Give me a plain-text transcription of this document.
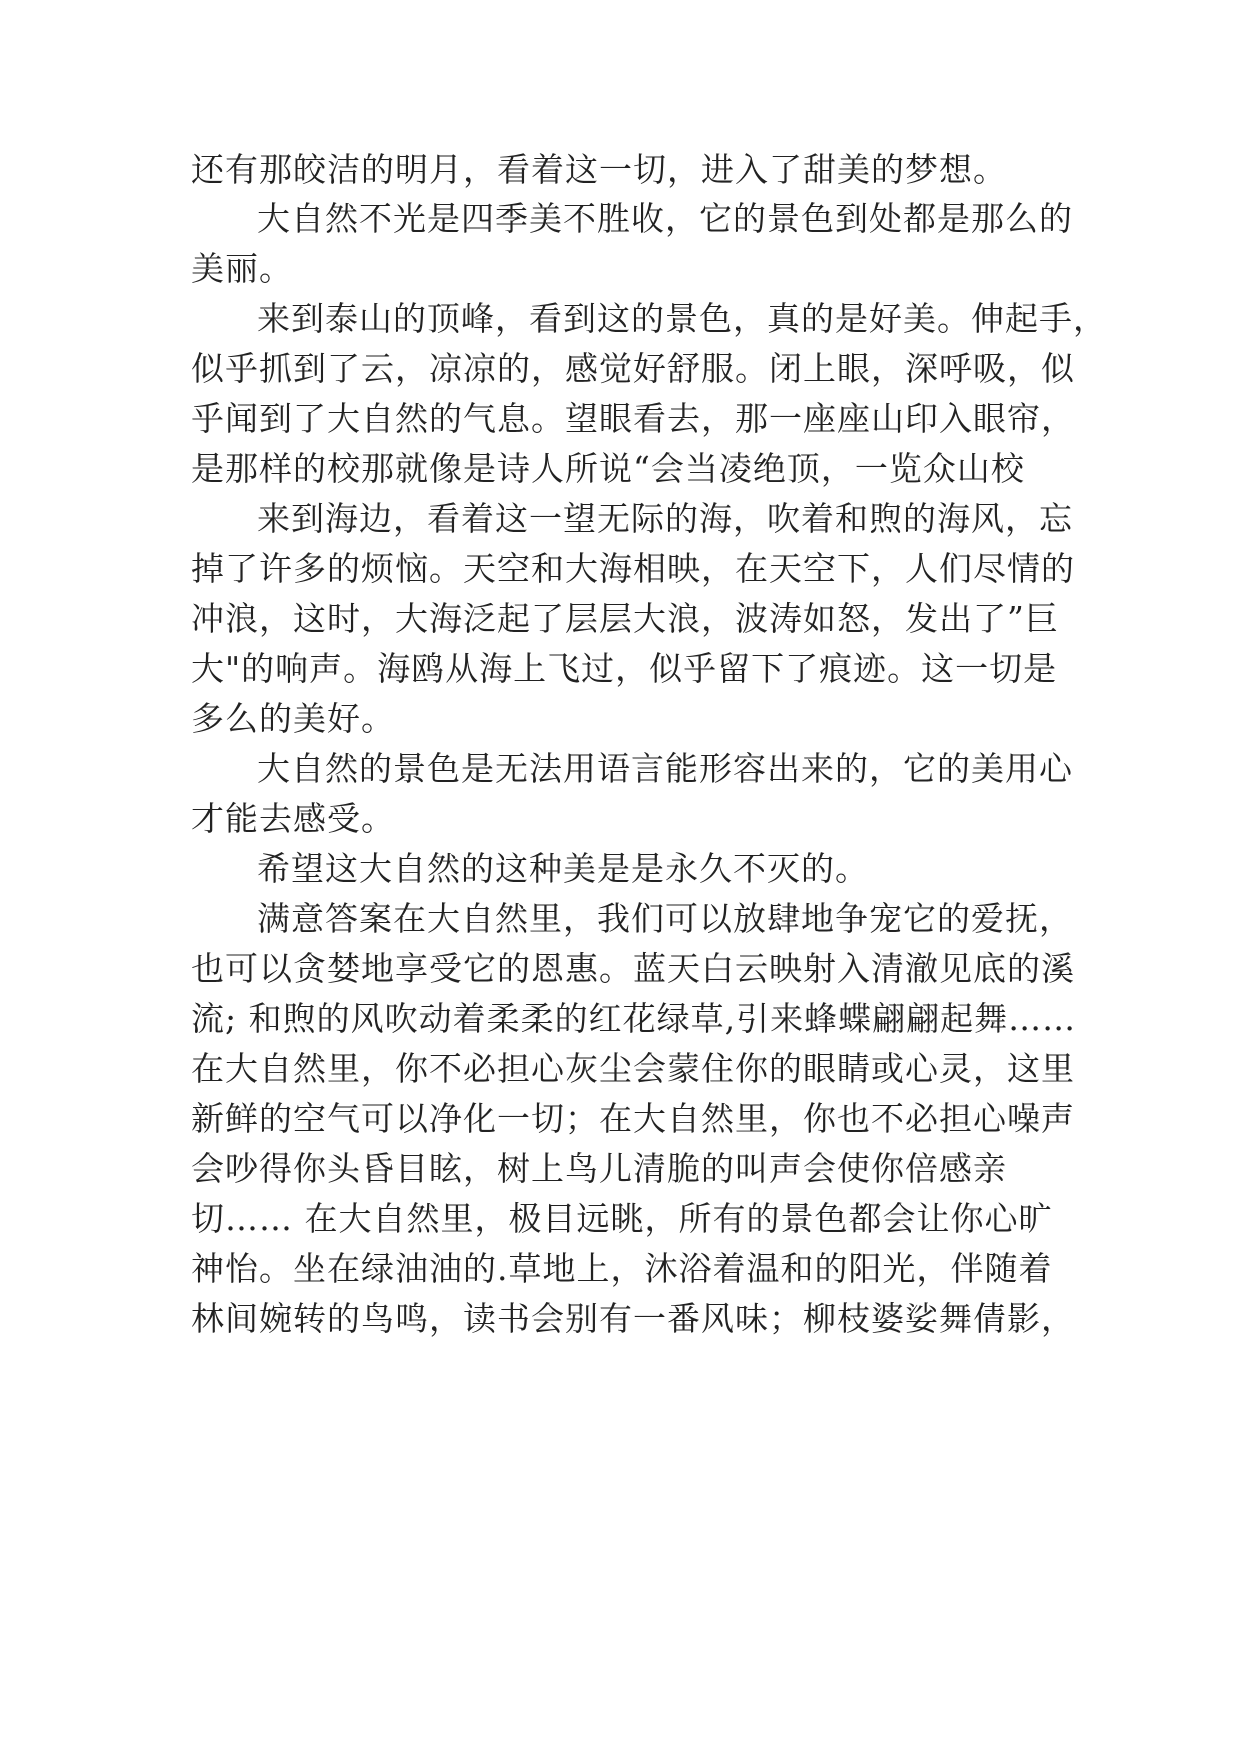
还有那皎洁的明月，看着这一切，进入了甜美的梦想。
大自然不光是四季美不胜收，它的景色到处都是那么的
美丽。
来到泰山的顶峰，看到这的景色，真的是好美。伸起手，
似乎抓到了云，凉凉的，感觉好舒服。闭上眼，深呼吸，似
乎闻到了大自然的气息。望眼看去，那一座座山印入眼帘，
是那样的校那就像是诗人所说“会当凌绝顶，一览众山校
来到海边，看着这一望无际的海，吹着和煦的海风，忘
掉了许多的烦恼。天空和大海相映，在天空下，人们尽情的
冲浪，这时，大海泛起了层层大浪，波涛如怒，发出了”巨
大"的响声。海鸥从海上飞过，似乎留下了痕迹。这一切是
多么的美好。
大自然的景色是无法用语言能形容出来的，它的美用心
才能去感受。
希望这大自然的这种美是是永久不灭的。
满意答案在大自然里，我们可以放肆地争宠它的爱抚，
也可以贪婪地享受它的恩惠。蓝天白云映射入清澈见底的溪
流; 和煦的风吹动着柔柔的红花绿草,引来蜂蝶翩翩起舞……
在大自然里，你不必担心灰尘会蒙住你的眼睛或心灵，这里
新鲜的空气可以净化一切；在大自然里，你也不必担心噪声
会吵得你头昏目眩，树上鸟儿清脆的叫声会使你倍感亲
切…… 在大自然里，极目远眺，所有的景色都会让你心旷
神怡。坐在绿油油的.草地上，沐浴着温和的阳光，伴随着
林间婉转的鸟鸣，读书会别有一番风味；柳枝婆娑舞倩影，
